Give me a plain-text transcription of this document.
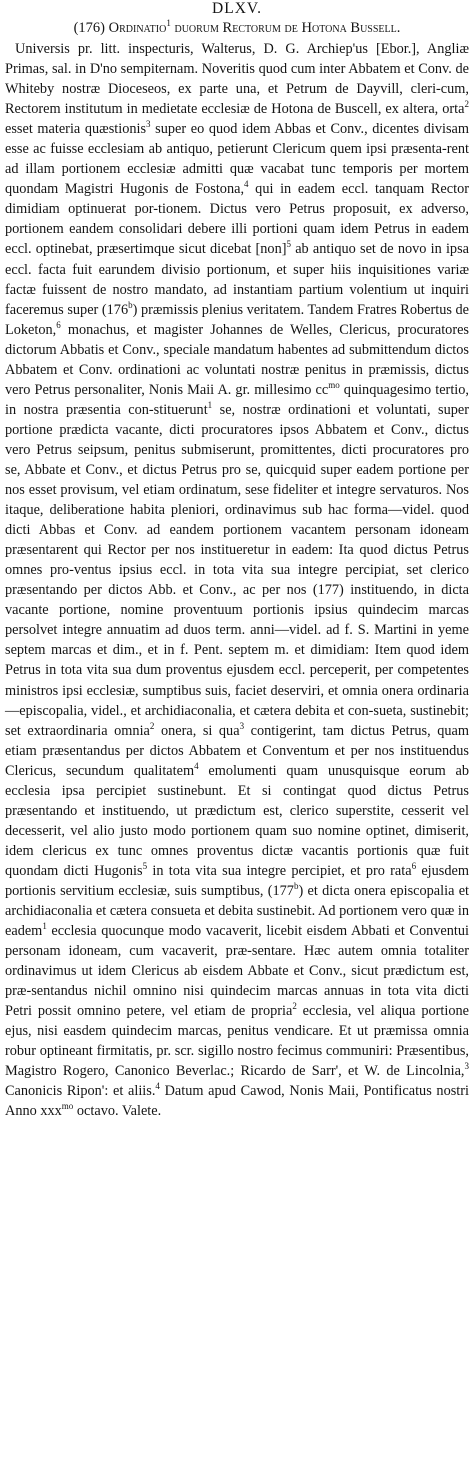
DLXV.
(176) Ordinatio$^1$ duorum Rectorum de Hotona Bussell.

Universis pr. litt. inspecturis, Walterus, D. G. Archiep'us [Ebor.], Angliæ Primas, sal. in D'no sempiternam. Noveritis quod cum inter Abbatem et Conv. de Whiteby nostræ Dioceseos, ex parte una, et Petrum de Dayvill, cleri-cum, Rectorem institutum in medietate ecclesiæ de Hotona de Buscell, ex altera, orta$^2$ esset materia quæstionis$^3$ super eo quod idem Abbas et Conv., dicentes divisam esse ac fuisse ecclesiam ab antiquo, petierunt Clericum quem ipsi præsenta-rent ad illam portionem ecclesiæ admitti quæ vacabat tunc temporis per mortem quondam Magistri Hugonis de Fostona,$^4$ qui in eadem eccl. tanquam Rector dimidiam optinuerat por-tionem. Dictus vero Petrus proposuit, ex adverso, portionem eandem consolidari debere illi portioni quam idem Petrus in eadem eccl. optinebat, præsertimque sicut dicebat [non]$^5$ ab antiquo set de novo in ipsa eccl. facta fuit earundem divisio portionum, et super hiis inquisitiones variæ factæ fuissent de nostro mandato, ad instantiam partium volentium ut inquiri faceremus super (176$^b$) præmissis plenius veritatem. Tandem Fratres Robertus de Loketon,$^6$ monachus, et magister Johannes de Welles, Clericus, procuratores dictorum Abbatis et Conv., speciale mandatum habentes ad submittendum dictos Abbatem et Conv. ordinationi ac voluntati nostræ penitus in præmissis, dictus vero Petrus personaliter, Nonis Maii A. gr. millesimo $cc^{mo}$ quinquagesimo tertio, in nostra præsentia con-stituerunt$^1$ se, nostræ ordinationi et voluntati, super portione prædicta vacante, dicti procuratores ipsos Abbatem et Conv., dictus vero Petrus seipsum, penitus submiserunt, promittentes, dicti procuratores pro se, Abbate et Conv., et dictus Petrus pro se, quicquid super eadem portione per nos esset provisum, vel etiam ordinatum, sese fideliter et integre servaturos. Nos itaque, deliberatione habita pleniori, ordinavimus sub hac forma—videl. quod dicti Abbas et Conv. ad eandem portionem vacantem personam idoneam præsentarent qui Rector per nos institueretur in eadem: Ita quod dictus Petrus omnes pro-ventus ipsius eccl. in tota vita sua integre percipiat, set clerico præsentando per dictos Abb. et Conv., ac per nos (177) instituendo, in dicta vacante portione, nomine proventuum portionis ipsius quindecim marcas persolvet integre annuatim ad duos term. anni—videl. ad f. S. Martini in yeme septem marcas et dim., et in f. Pent. septem m. et dimidiam: Item quod idem Petrus in tota vita sua dum proventus ejusdem eccl. perceperit, per competentes ministros ipsi ecclesiæ, sumptibus suis, faciet deserviri, et omnia onera ordinaria—episcopalia, videl., et archidiaconalia, et cætera debita et con-sueta, sustinebit; set extraordinaria omnia$^2$ onera, si qua$^3$ contigerint, tam dictus Petrus, quam etiam præsentandus per dictos Abbatem et Conventum et per nos instituendus Clericus, secundum qualitatem$^4$ emolumenti quam unusquisque eorum ab ecclesia ipsa percipiet sustinebunt. Et si contingat quod dictus Petrus præsentando et instituendo, ut prædictum est, clerico superstite, cesserit vel decesserit, vel alio justo modo portionem quam suo nomine optinet, dimiserit, idem clericus ex tunc omnes proventus dictæ vacantis portionis quæ fuit quondam dicti Hugonis$^5$ in tota vita sua integre percipiet, et pro rata$^6$ ejusdem portionis servitium ecclesiæ, suis sumptibus, (177$^b$) et dicta onera episcopalia et archidiaconalia et cætera consueta et debita sustinebit. Ad portionem vero quæ in eadem$^1$ ecclesia quocunque modo vacaverit, licebit eisdem Abbati et Conventui personam idoneam, cum vacaverit, præ-sentare. Hæc autem omnia totaliter ordinavimus ut idem Clericus ab eisdem Abbate et Conv., sicut prædictum est, præ-sentandus nichil omnino nisi quindecim marcas annuas in tota vita dicti Petri possit omnino petere, vel etiam de propria$^2$ ecclesia, vel aliqua portione ejus, nisi easdem quindecim marcas, penitus vendicare. Et ut præmissa omnia robur optineant firmitatis, pr. scr. sigillo nostro fecimus communiri: Præsentibus, Magistro Rogero, Canonico Beverlac.; Ricardo de Sarr', et W. de Lincolnia,$^3$ Canonicis Ripon': et aliis.$^4$ Datum apud Cawod, Nonis Maii, Pontificatus nostri Anno xxx$^{mo}$ octavo. Valete.
